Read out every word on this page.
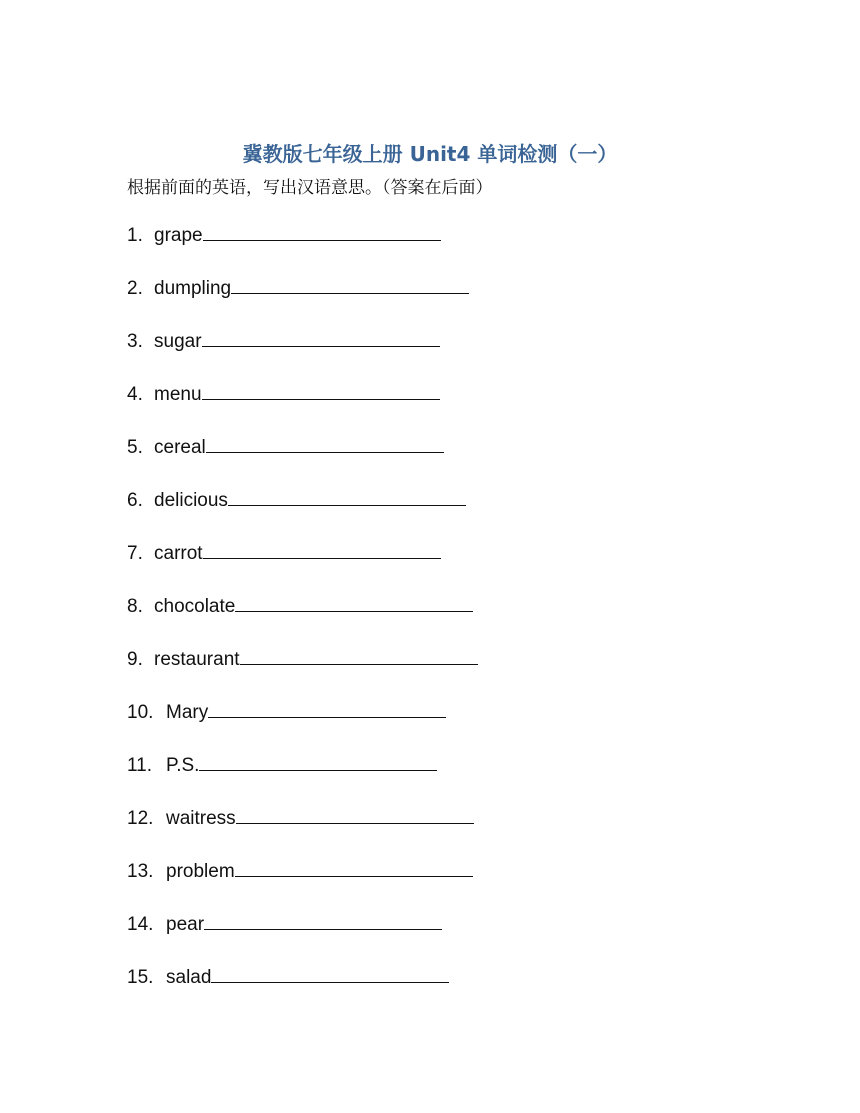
冀教版七年级上册 Unit4 单词检测（一）
根据前面的英语，写出汉语意思。（答案在后面）
1. grape
2. dumpling
3. sugar
4. menu
5. cereal
6. delicious
7. carrot
8. chocolate
9. restaurant
10. Mary
11. P.S.
12. waitress
13. problem
14. pear
15. salad
